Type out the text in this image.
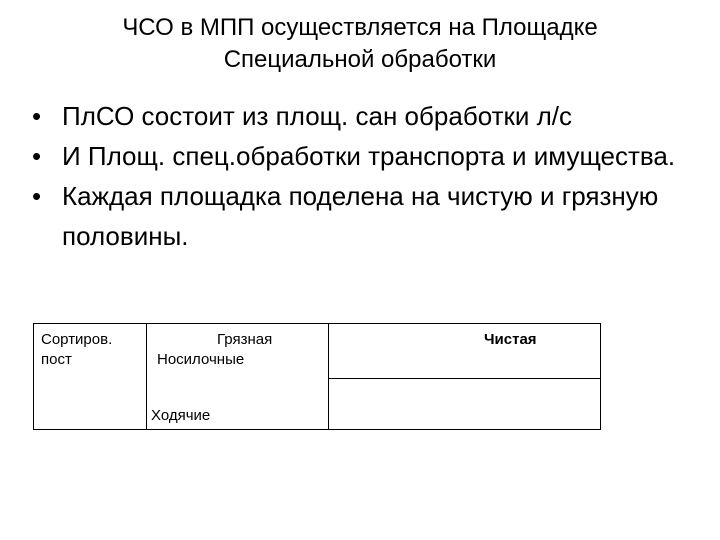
ЧСО в МПП осуществляется на Площадке
Специальной обработки
• ПлСО состоит из площ. сан обработки л/с
• И Площ. спец.обработки транспорта и имущества.
• Каждая площадка поделена на чистую и грязную половины.
Сортиров.
пост
Грязная
Носилочные
Ходячие
Чистая
